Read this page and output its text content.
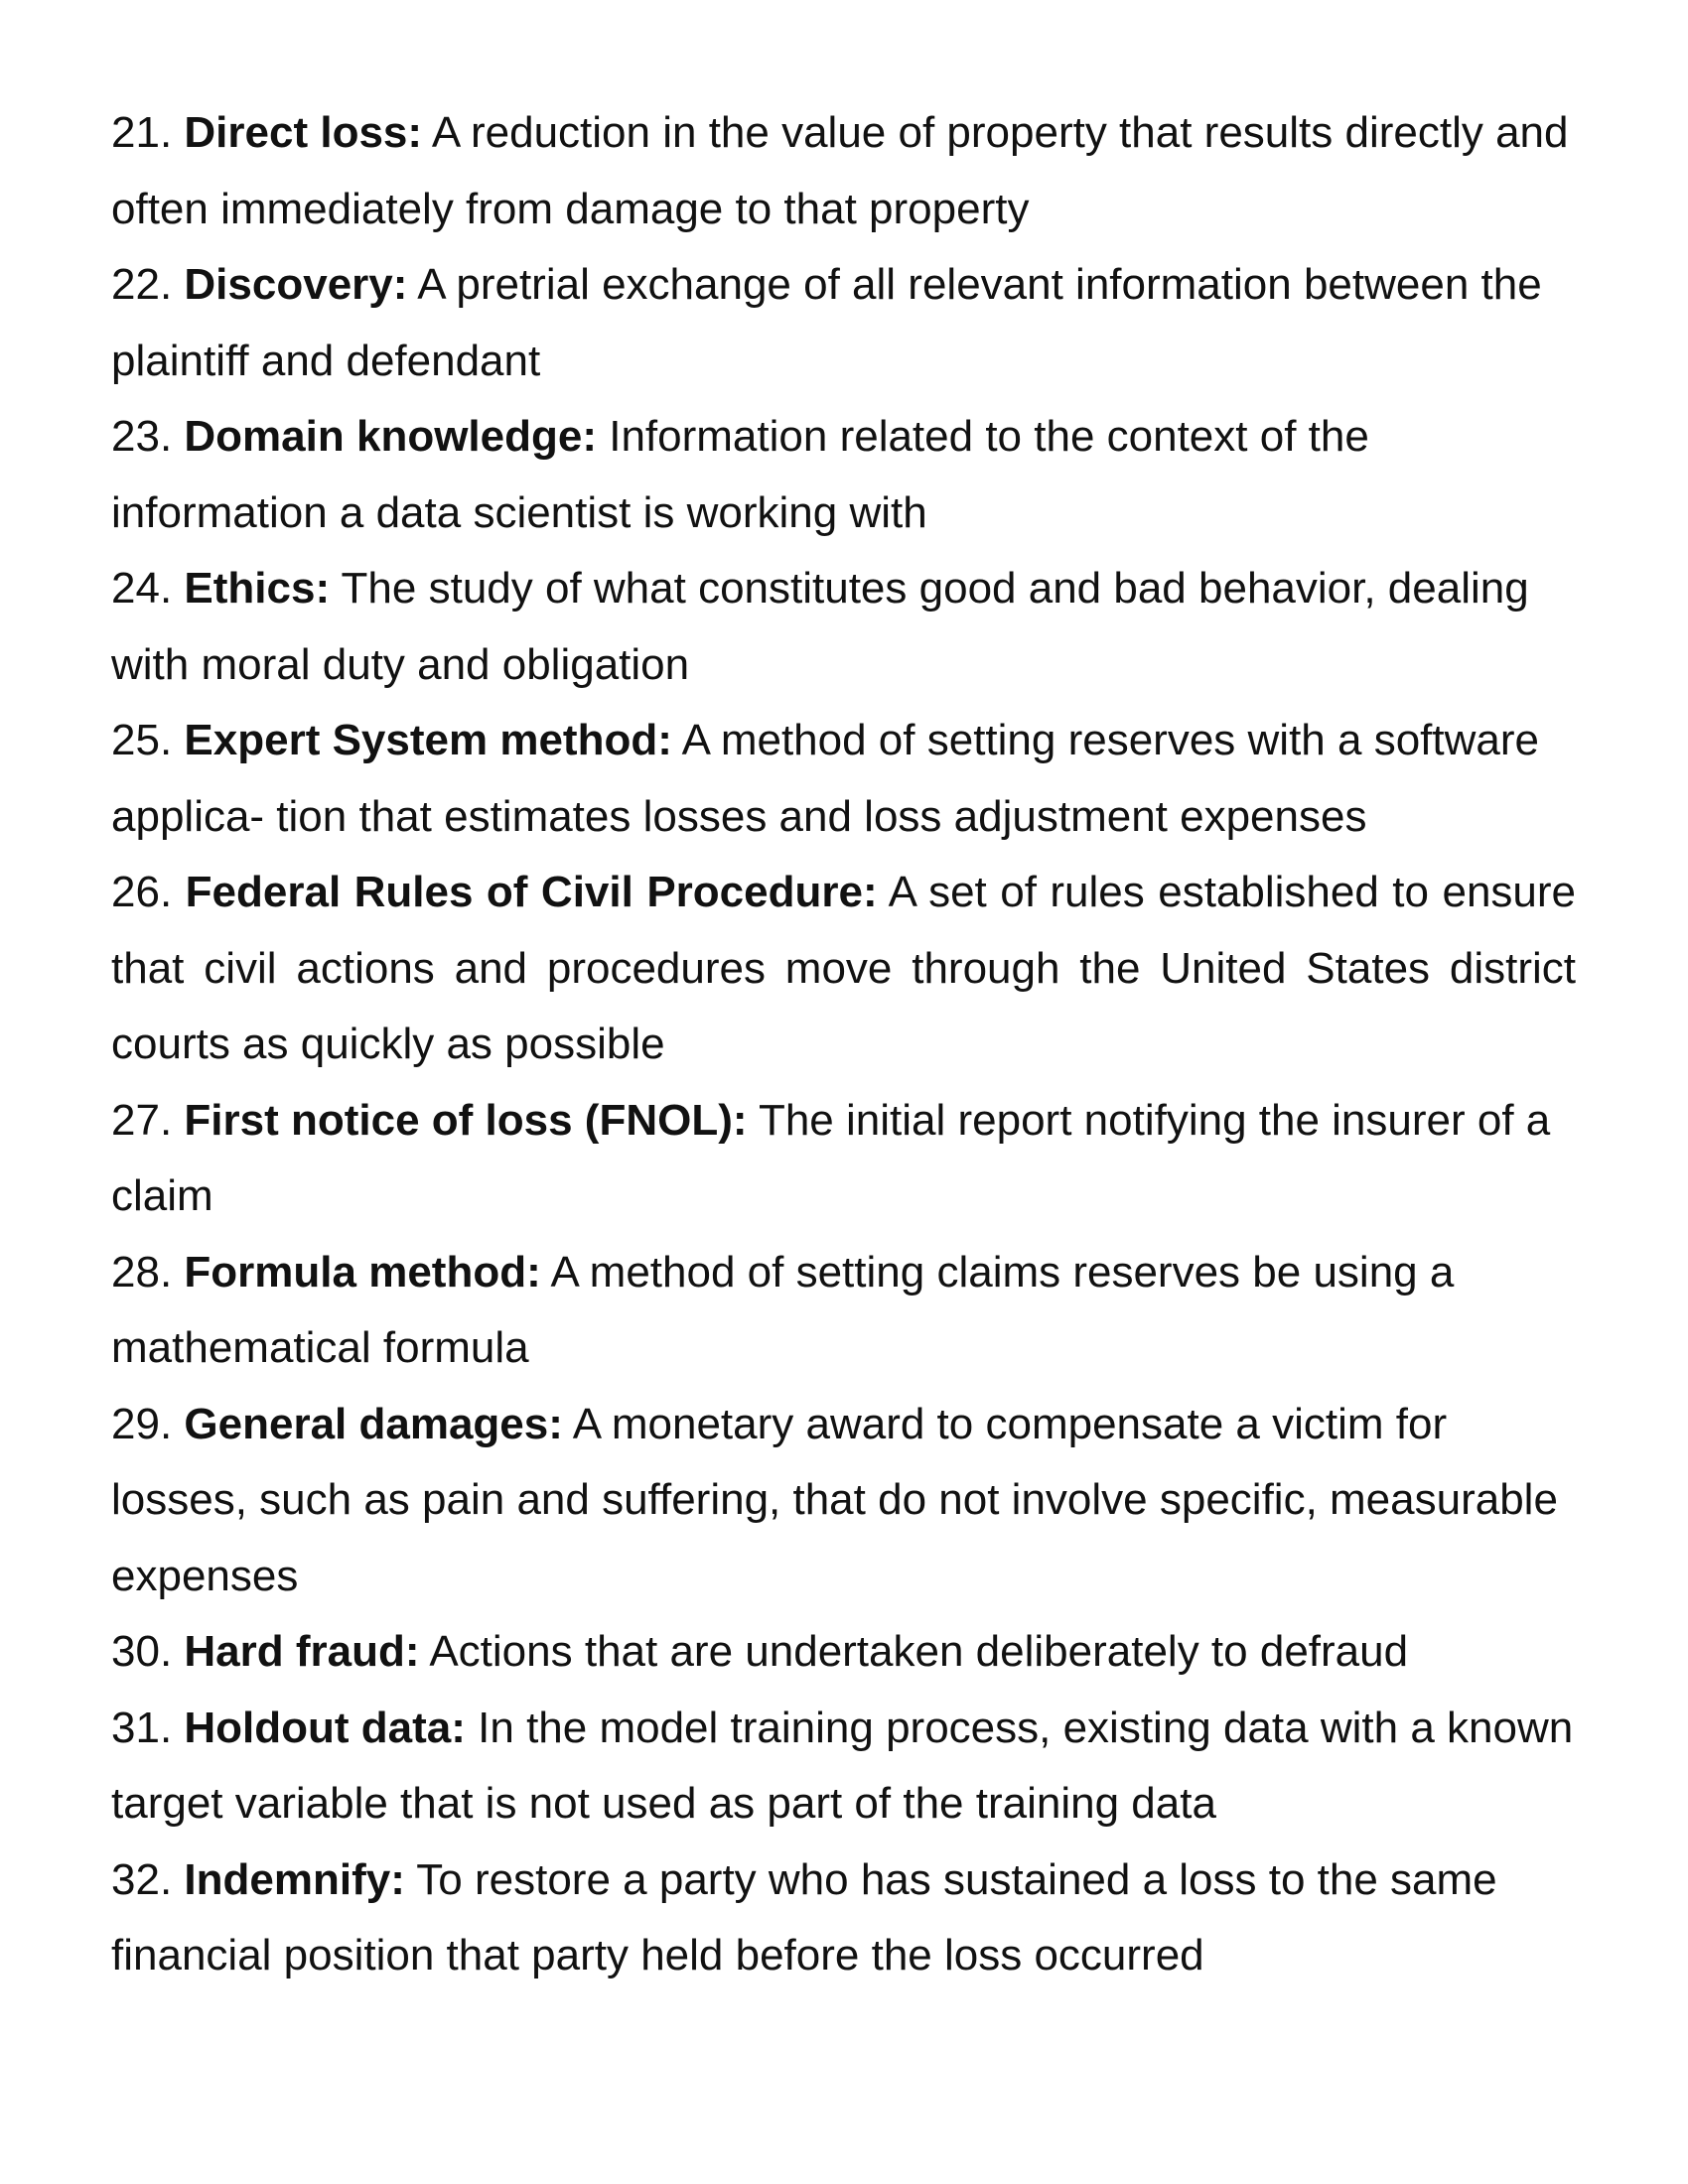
21. Direct loss: A reduction in the value of property that results directly and often immediately from damage to that property

22. Discovery: A pretrial exchange of all relevant information between the plaintiff and defendant

23. Domain knowledge: Information related to the context of the information a data scientist is working with

24. Ethics: The study of what constitutes good and bad behavior, dealing with moral duty and obligation

25. Expert System method: A method of setting reserves with a software applica- tion that estimates losses and loss adjustment expenses

26. Federal Rules of Civil Procedure: A set of rules established to ensure that civil actions and procedures move through the United States district courts as quickly as possible

27. First notice of loss (FNOL): The initial report notifying the insurer of a claim

28. Formula method: A method of setting claims reserves be using a mathematical formula

29. General damages: A monetary award to compensate a victim for losses, such as pain and suffering, that do not involve specific, measurable expenses

30. Hard fraud: Actions that are undertaken deliberately to defraud

31. Holdout data: In the model training process, existing data with a known target variable that is not used as part of the training data

32. Indemnify: To restore a party who has sustained a loss to the same financial position that party held before the loss occurred
